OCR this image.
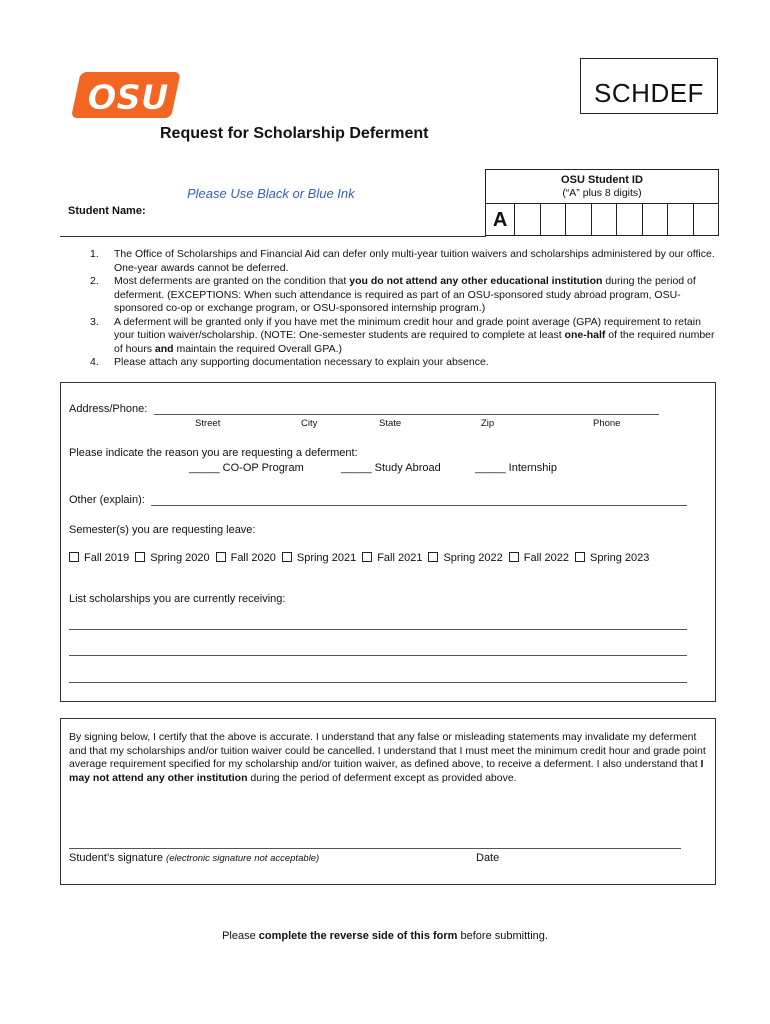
OSU	SCHDEF
Request for Scholarship Deferment
Please Use Black or Blue Ink
OSU Student ID
(“A” plus 8 digits)
A
Student Name:
1. The Office of Scholarships and Financial Aid can defer only multi-year tuition waivers and scholarships administered by our office. One-year awards cannot be deferred.
2. Most deferments are granted on the condition that you do not attend any other educational institution during the period of deferment. (EXCEPTIONS: When such attendance is required as part of an OSU-sponsored study abroad program, OSU-sponsored co-op or exchange program, or OSU-sponsored internship program.)
3. A deferment will be granted only if you have met the minimum credit hour and grade point average (GPA) requirement to retain your tuition waiver/scholarship. (NOTE: One-semester students are required to complete at least one-half of the required number of hours and maintain the required Overall GPA.)
4. Please attach any supporting documentation necessary to explain your absence.
Address/Phone:
Street	City	State	Zip	Phone
Please indicate the reason you are requesting a deferment:
_____ CO-OP Program	_____ Study Abroad	_____ Internship
Other (explain):
Semester(s) you are requesting leave:
Fall 2019 Spring 2020 Fall 2020 Spring 2021 Fall 2021 Spring 2022 Fall 2022 Spring 2023
List scholarships you are currently receiving:
By signing below, I certify that the above is accurate. I understand that any false or misleading statements may invalidate my deferment and that my scholarships and/or tuition waiver could be cancelled. I understand that I must meet the minimum credit hour and grade point average requirement specified for my scholarship and/or tuition waiver, as defined above, to receive a deferment. I also understand that I may not attend any other institution during the period of deferment except as provided above.
Student’s signature (electronic signature not acceptable)	Date
Please complete the reverse side of this form before submitting.
